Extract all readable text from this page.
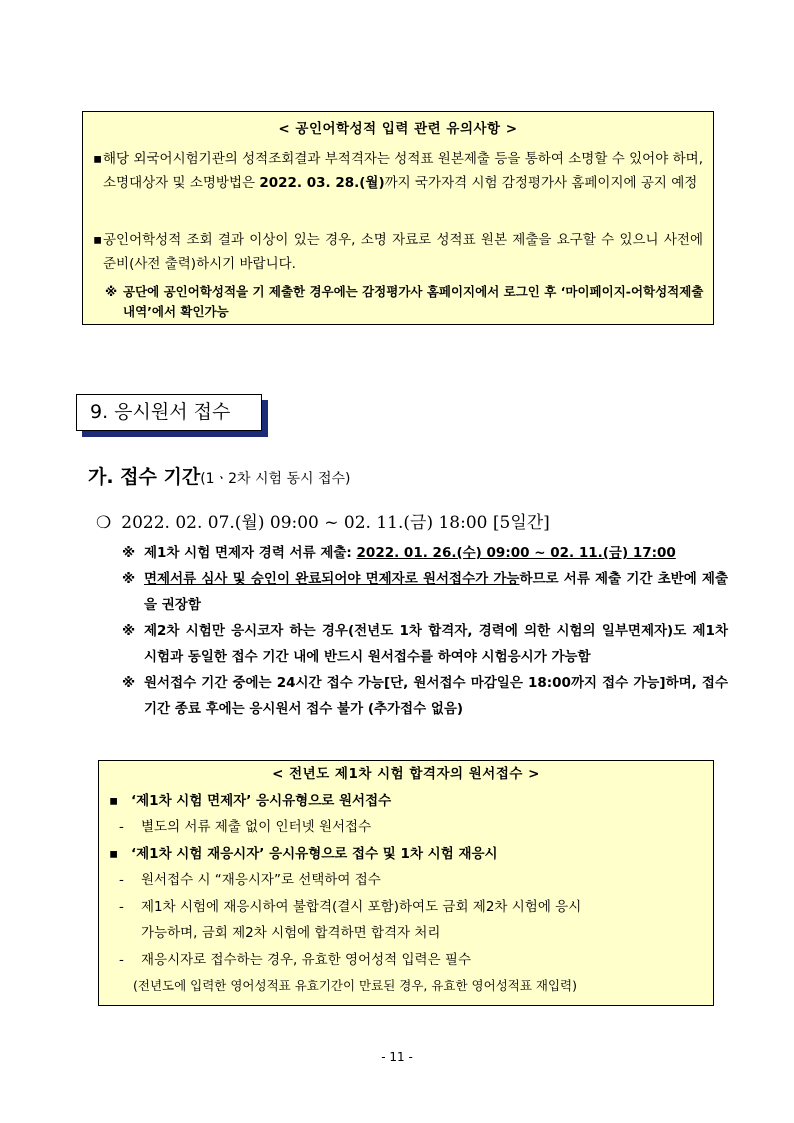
< 공인어학성적 입력 관련 유의사항 >
▪ 해당 외국어시험기관의 성적조회결과 부적격자는 성적표 원본제출 등을 통하여 소명할 수 있어야 하며, 소명대상자 및 소명방법은 2022. 03. 28.(월)까지 국가자격 시험 감정평가사 홈페이지에 공지 예정
▪ 공인어학성적 조회 결과 이상이 있는 경우, 소명 자료로 성적표 원본 제출을 요구할 수 있으니 사전에 준비(사전 출력)하시기 바랍니다.
※ 공단에 공인어학성적을 기 제출한 경우에는 감정평가사 홈페이지에서 로그인 후 ‘마이페이지-어학성적제출내역’에서 확인가능
9. 응시원서 접수
가. 접수 기간(1ㆍ2차 시험 동시 접수)
❍ 2022. 02. 07.(월) 09:00 ~ 02. 11.(금) 18:00 [5일간]
※ 제1차 시험 면제자 경력 서류 제출: 2022. 01. 26.(수) 09:00 ~ 02. 11.(금) 17:00
※ 면제서류 심사 및 승인이 완료되어야 면제자로 원서접수가 가능하므로 서류 제출 기간 초반에 제출을 권장함
※ 제2차 시험만 응시코자 하는 경우(전년도 1차 합격자, 경력에 의한 시험의 일부면제자)도 제1차 시험과 동일한 접수 기간 내에 반드시 원서접수를 하여야 시험응시가 가능함
※ 원서접수 기간 중에는 24시간 접수 가능[단, 원서접수 마감일은 18:00까지 접수 가능]하며, 접수 기간 종료 후에는 응시원서 접수 불가 (추가접수 없음)
< 전년도 제1차 시험 합격자의 원서접수 >
▪ ‘제1차 시험 면제자’ 응시유형으로 원서접수
- 별도의 서류 제출 없이 인터넷 원서접수
▪ ‘제1차 시험 재응시자’ 응시유형으로 접수 및 1차 시험 재응시
- 원서접수 시 “재응시자”로 선택하여 접수
- 제1차 시험에 재응시하여 불합격(결시 포함)하여도 금회 제2차 시험에 응시
가능하며, 금회 제2차 시험에 합격하면 합격자 처리
- 재응시자로 접수하는 경우, 유효한 영어성적 입력은 필수
(전년도에 입력한 영어성적표 유효기간이 만료된 경우, 유효한 영어성적표 재입력)
- 11 -
